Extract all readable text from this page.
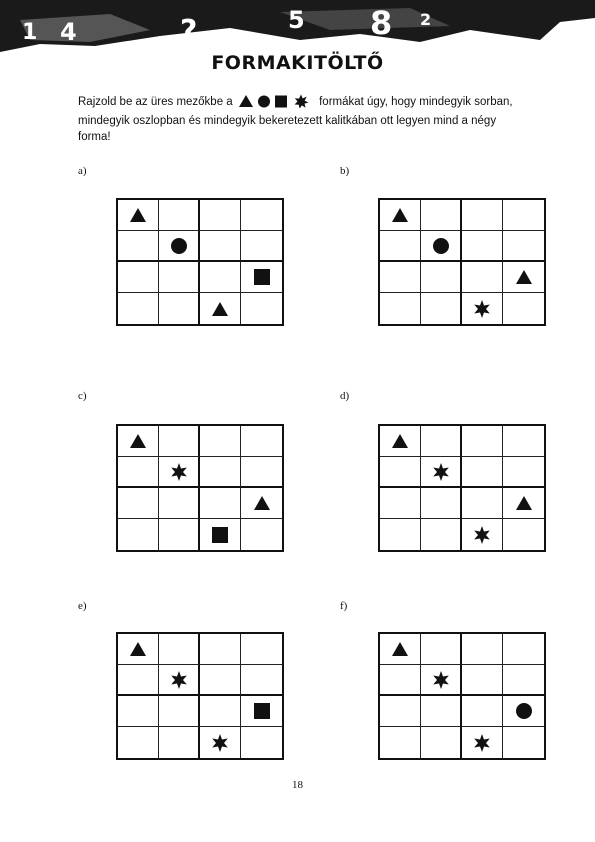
1 4	?	5 8 2
FORMAKITÖLTŐ

Rajzold be az üres mezőkbe a	formákat úgy, hogy mindegyik sorban, mindegyik oszlopban és mindegyik bekeretezett kalitkában ott legyen mind a négy forma!

a)	b)
c)	d)
e)	f)
18
